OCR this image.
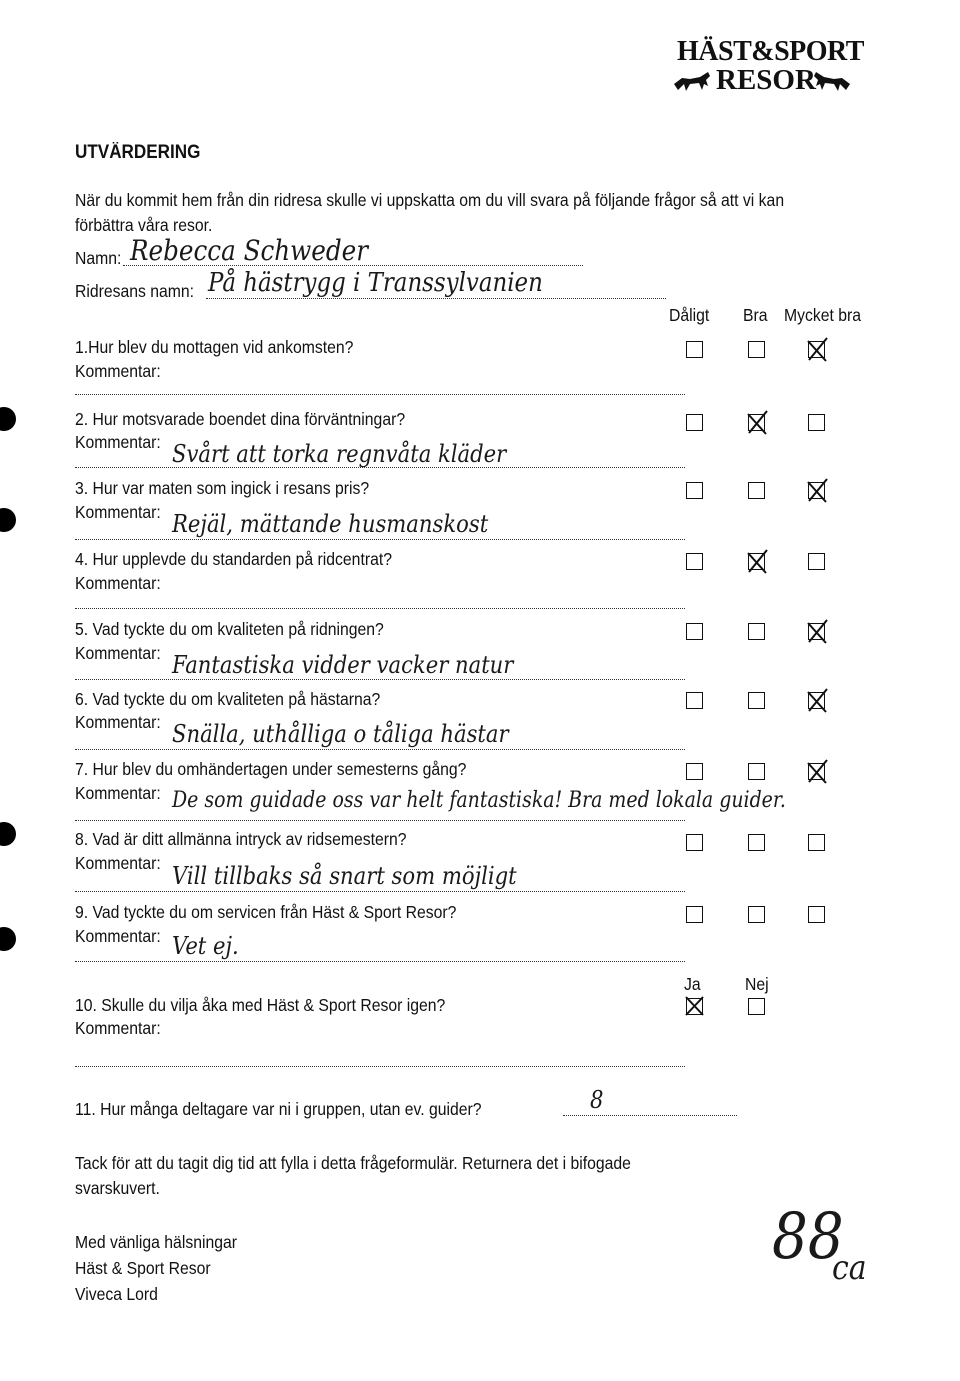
HÄST&SPORT
RESOR
UTVÄRDERING
När du kommit hem från din ridresa skulle vi uppskatta om du vill svara på följande frågor så att vi kan
förbättra våra resor.
Namn: Rebecca Schweder
Ridresans namn: På hästrygg i Transsylvanien
Dåligt Bra Mycket bra
1.Hur blev du mottagen vid ankomsten?
Kommentar:
2. Hur motsvarade boendet dina förväntningar?
Kommentar: Svårt att torka regnvåta kläder
3. Hur var maten som ingick i resans pris?
Kommentar: Rejäl, mättande husmanskost
4. Hur upplevde du standarden på ridcentrat?
Kommentar:
5. Vad tyckte du om kvaliteten på ridningen?
Kommentar: Fantastiska vidder vacker natur
6. Vad tyckte du om kvaliteten på hästarna?
Kommentar: Snälla, uthålliga o tåliga hästar
7. Hur blev du omhändertagen under semesterns gång?
Kommentar: De som guidade oss var helt fantastiska! Bra med lokala guider.
8. Vad är ditt allmänna intryck av ridsemestern?
Kommentar: Vill tillbaks så snart som möjligt
9. Vad tyckte du om servicen från Häst & Sport Resor?
Kommentar: Vet ej.
Ja	Nej
10. Skulle du vilja åka med Häst & Sport Resor igen?
Kommentar:
11. Hur många deltagare var ni i gruppen, utan ev. guider?	8
Tack för att du tagit dig tid att fylla i detta frågeformulär. Returnera det i bifogade
svarskuvert.
Med vänliga hälsningar
Häst & Sport Resor
Viveca Lord
88
ca
